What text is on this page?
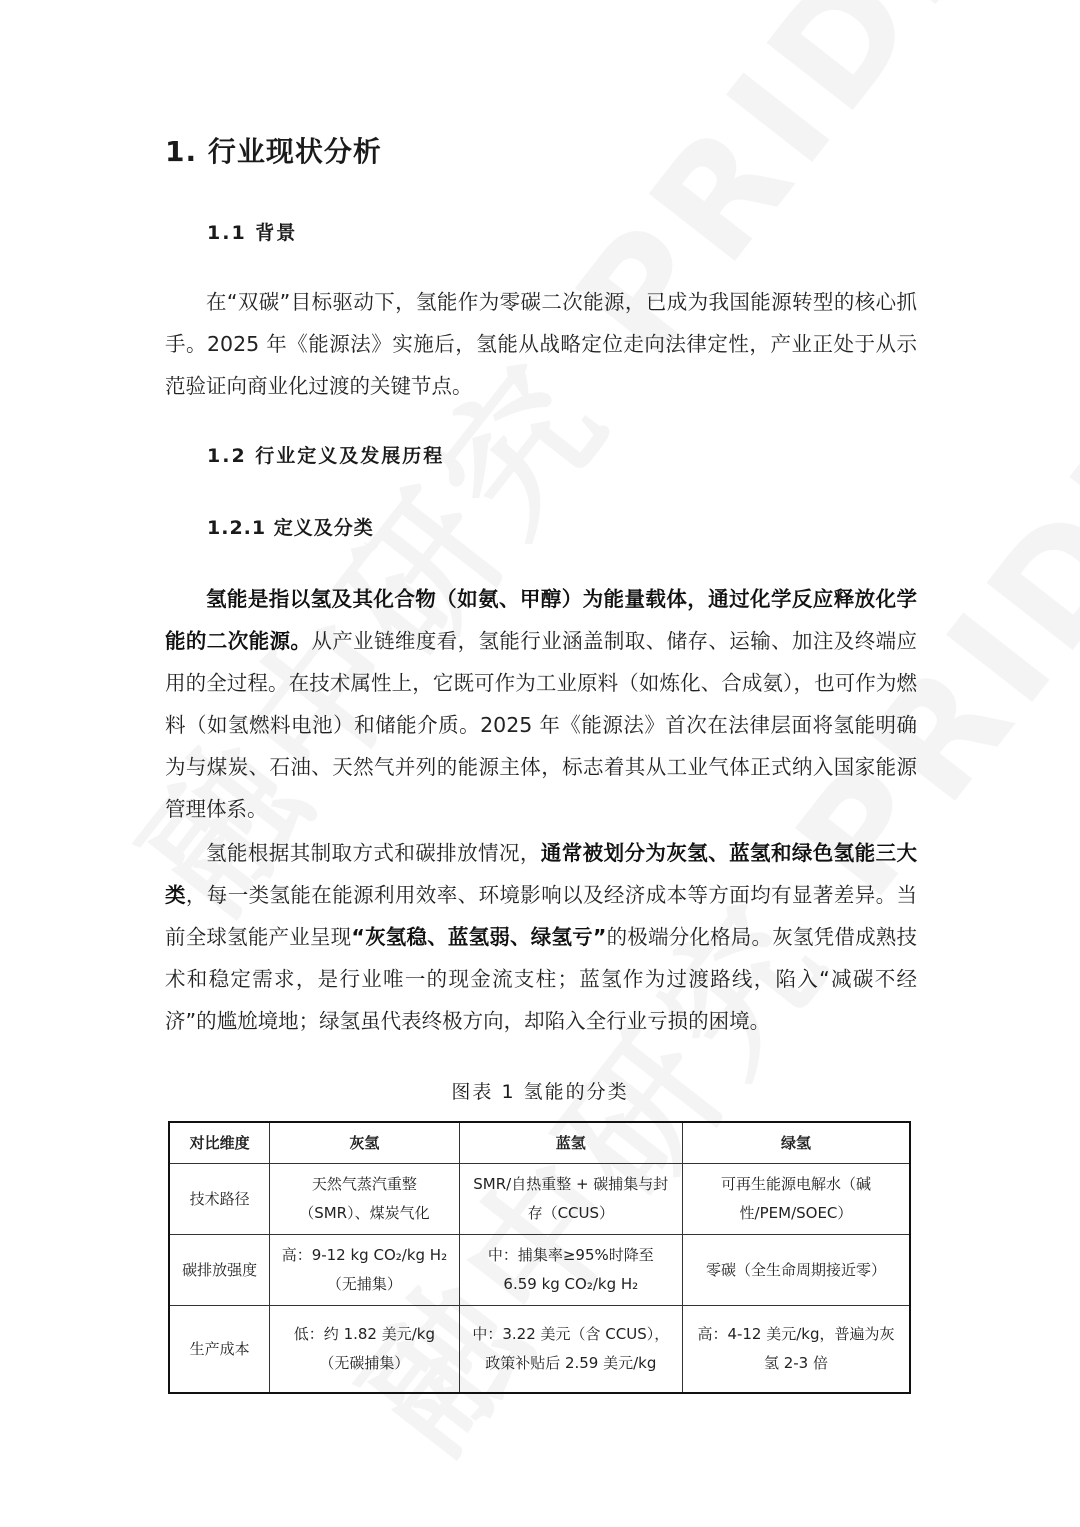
1. 行业现状分析
1.1 背景

在“双碳”目标驱动下，氢能作为零碳二次能源，已成为我国能源转型的核心抓手。2025 年《能源法》实施后，氢能从战略定位走向法律定性，产业正处于从示范验证向商业化过渡的关键节点。

1.2 行业定义及发展历程
1.2.1 定义及分类

氢能是指以氢及其化合物（如氨、甲醇）为能量载体，通过化学反应释放化学能的二次能源。从产业链维度看，氢能行业涵盖制取、储存、运输、加注及终端应用的全过程。在技术属性上，它既可作为工业原料（如炼化、合成氨），也可作为燃料（如氢燃料电池）和储能介质。2025 年《能源法》首次在法律层面将氢能明确为与煤炭、石油、天然气并列的能源主体，标志着其从工业气体正式纳入国家能源管理体系。

氢能根据其制取方式和碳排放情况，通常被划分为灰氢、蓝氢和绿色氢能三大类，每一类氢能在能源利用效率、环境影响以及经济成本等方面均有显著差异。当前全球氢能产业呈现“灰氢稳、蓝氢弱、绿氢亏”的极端分化格局。灰氢凭借成熟技术和稳定需求，是行业唯一的现金流支柱；蓝氢作为过渡路线，陷入“减碳不经济”的尴尬境地；绿氢虽代表终极方向，却陷入全行业亏损的困境。

图表 1 氢能的分类
对比维度	灰氢	蓝氢	绿氢
技术路径	天然气蒸汽重整（SMR）、煤炭气化	SMR/自热重整 + 碳捕集与封存（CCUS）	可再生能源电解水（碱性/PEM/SOEC）
碳排放强度	高：9-12 kg CO₂/kg H₂（无捕集）	中：捕集率≥95%时降至 6.59 kg CO₂/kg H₂	零碳（全生命周期接近零）
生产成本	低：约 1.82 美元/kg（无碳捕集）	中：3.22 美元（含 CCUS），政策补贴后 2.59 美元/kg	高：4-12 美元/kg，普遍为灰氢 2-3 倍
